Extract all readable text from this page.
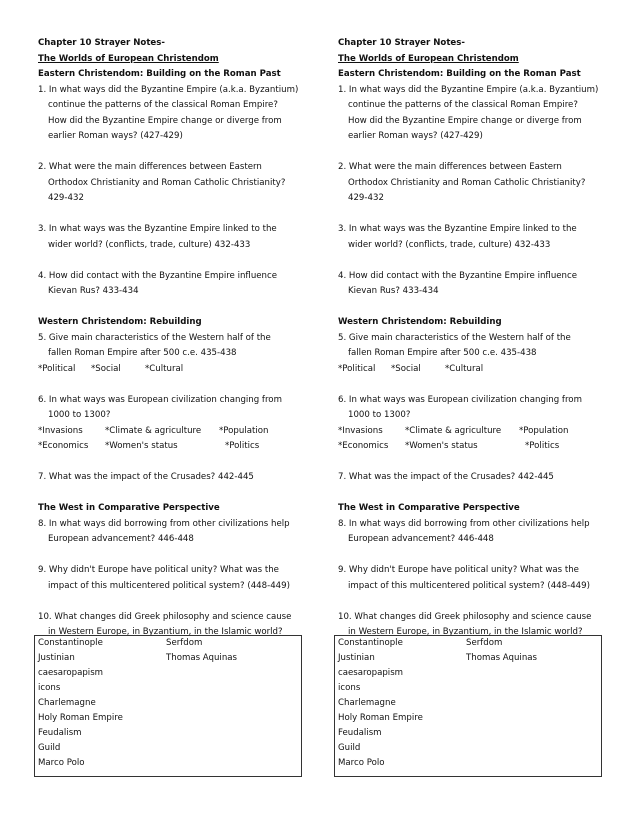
Chapter 10 Strayer Notes-
The Worlds of European Christendom
Eastern Christendom: Building on the Roman Past
1. In what ways did the Byzantine Empire (a.k.a. Byzantium)
continue the patterns of the classical Roman Empire?
How did the Byzantine Empire change or diverge from
earlier Roman ways? (427-429)
2. What were the main differences between Eastern
Orthodox Christianity and Roman Catholic Christianity?
429-432
3. In what ways was the Byzantine Empire linked to the
wider world? (conflicts, trade, culture) 432-433
4. How did contact with the Byzantine Empire influence
Kievan Rus? 433-434
Western Christendom: Rebuilding
5. Give main characteristics of the Western half of the
fallen Roman Empire after 500 c.e. 435-438
*Political	*Social	*Cultural
6. In what ways was European civilization changing from
1000 to 1300?
*Invasions	*Climate & agriculture	*Population
*Economics	*Women's status	*Politics
7. What was the impact of the Crusades? 442-445
The West in Comparative Perspective
8. In what ways did borrowing from other civilizations help
European advancement? 446-448
9. Why didn't Europe have political unity? What was the
impact of this multicentered political system? (448-449)
10. What changes did Greek philosophy and science cause
in Western Europe, in Byzantium, in the Islamic world?
Constantinople	Serfdom
Justinian	Thomas Aquinas
caesaropapism
icons
Charlemagne
Holy Roman Empire
Feudalism
Guild
Marco Polo
Chapter 10 Strayer Notes-
The Worlds of European Christendom
Eastern Christendom: Building on the Roman Past
1. In what ways did the Byzantine Empire (a.k.a. Byzantium)
continue the patterns of the classical Roman Empire?
How did the Byzantine Empire change or diverge from
earlier Roman ways? (427-429)
2. What were the main differences between Eastern
Orthodox Christianity and Roman Catholic Christianity?
429-432
3. In what ways was the Byzantine Empire linked to the
wider world? (conflicts, trade, culture) 432-433
4. How did contact with the Byzantine Empire influence
Kievan Rus? 433-434
Western Christendom: Rebuilding
5. Give main characteristics of the Western half of the
fallen Roman Empire after 500 c.e. 435-438
*Political	*Social	*Cultural
6. In what ways was European civilization changing from
1000 to 1300?
*Invasions	*Climate & agriculture	*Population
*Economics	*Women's status	*Politics
7. What was the impact of the Crusades? 442-445
The West in Comparative Perspective
8. In what ways did borrowing from other civilizations help
European advancement? 446-448
9. Why didn't Europe have political unity? What was the
impact of this multicentered political system? (448-449)
10. What changes did Greek philosophy and science cause
in Western Europe, in Byzantium, in the Islamic world?
Constantinople	Serfdom
Justinian	Thomas Aquinas
caesaropapism
icons
Charlemagne
Holy Roman Empire
Feudalism
Guild
Marco Polo
